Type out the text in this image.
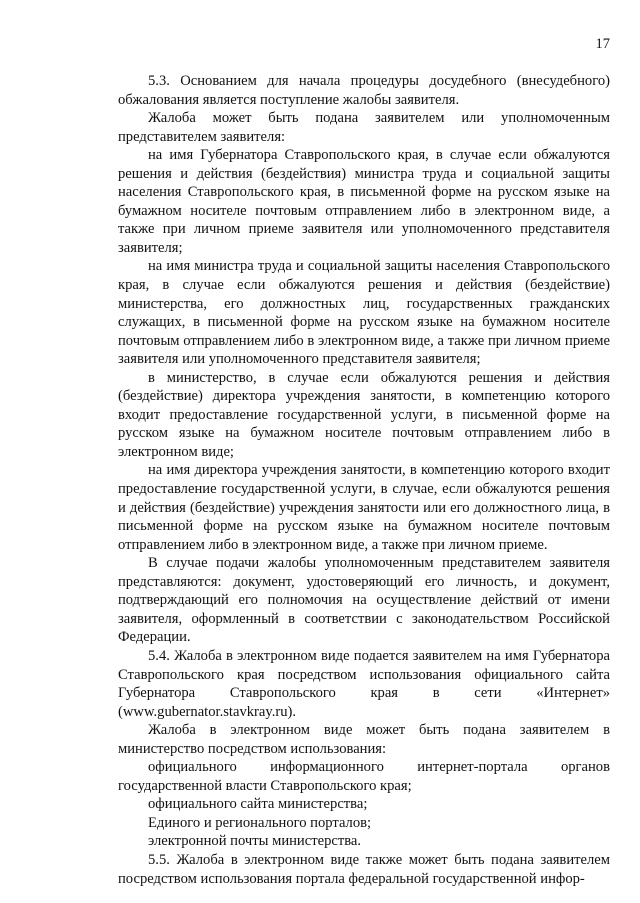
17

5.3. Основанием для начала процедуры досудебного (внесудебного) обжалования является поступление жалобы заявителя.

Жалоба может быть подана заявителем или уполномоченным представителем заявителя:

на имя Губернатора Ставропольского края, в случае если обжалуются решения и действия (бездействия) министра труда и социальной защиты населения Ставропольского края, в письменной форме на русском языке на бумажном носителе почтовым отправлением либо в электронном виде, а также при личном приеме заявителя или уполномоченного представителя заявителя;

на имя министра труда и социальной защиты населения Ставропольского края, в случае если обжалуются решения и действия (бездействие) министерства, его должностных лиц, государственных гражданских служащих, в письменной форме на русском языке на бумажном носителе почтовым отправлением либо в электронном виде, а также при личном приеме заявителя или уполномоченного представителя заявителя;

в министерство, в случае если обжалуются решения и действия (бездействие) директора учреждения занятости, в компетенцию которого входит предоставление государственной услуги, в письменной форме на русском языке на бумажном носителе почтовым отправлением либо в электронном виде;

на имя директора учреждения занятости, в компетенцию которого входит предоставление государственной услуги, в случае, если обжалуются решения и действия (бездействие) учреждения занятости или его должностного лица, в письменной форме на русском языке на бумажном носителе почтовым отправлением либо в электронном виде, а также при личном приеме.

В случае подачи жалобы уполномоченным представителем заявителя представляются: документ, удостоверяющий его личность, и документ, подтверждающий его полномочия на осуществление действий от имени заявителя, оформленный в соответствии с законодательством Российской Федерации.

5.4. Жалоба в электронном виде подается заявителем на имя Губернатора Ставропольского края посредством использования официального сайта Губернатора Ставропольского края в сети «Интернет» (www.gubernator.stavkray.ru).

Жалоба в электронном виде может быть подана заявителем в министерство посредством использования:

официального информационного интернет-портала органов государственной власти Ставропольского края;

официального сайта министерства;

Единого и регионального порталов;

электронной почты министерства.

5.5. Жалоба в электронном виде также может быть подана заявителем посредством использования портала федеральной государственной инфор-
